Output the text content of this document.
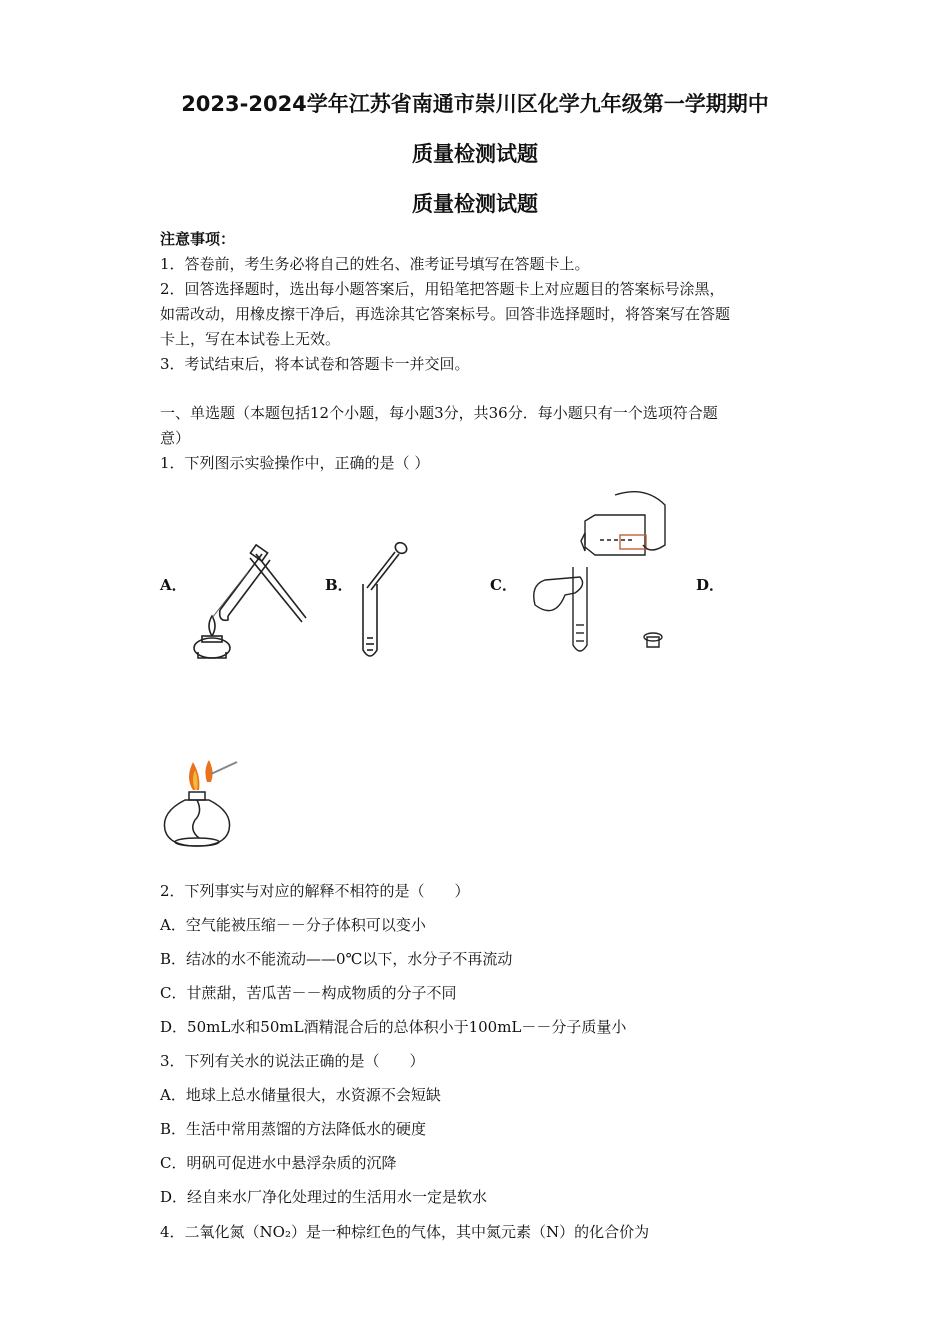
2023-2024学年江苏省南通市崇川区化学九年级第一学期期中
质量检测试题
质量检测试题
注意事项：
1．答卷前，考生务必将自己的姓名、准考证号填写在答题卡上。
2．回答选择题时，选出每小题答案后，用铅笔把答题卡上对应题目的答案标号涂黑，
如需改动，用橡皮擦干净后，再选涂其它答案标号。回答非选择题时，将答案写在答题
卡上，写在本试卷上无效。
3．考试结束后，将本试卷和答题卡一并交回。
一、单选题（本题包括12个小题，每小题3分，共36分．每小题只有一个选项符合题
意）
1．下列图示实验操作中，正确的是（ ）
A．	B．	C．	D．
2．下列事实与对应的解释不相符的是（　　）
A．空气能被压缩－－分子体积可以变小
B．结冰的水不能流动——0℃以下，水分子不再流动
C．甘蔗甜，苦瓜苦－－构成物质的分子不同
D．50mL水和50mL酒精混合后的总体积小于100mL－－分子质量小
3．下列有关水的说法正确的是（　　）
A．地球上总水储量很大，水资源不会短缺
B．生活中常用蒸馏的方法降低水的硬度
C．明矾可促进水中悬浮杂质的沉降
D．经自来水厂净化处理过的生活用水一定是软水
4．二氧化氮（NO₂）是一种棕红色的气体，其中氮元素（N）的化合价为
